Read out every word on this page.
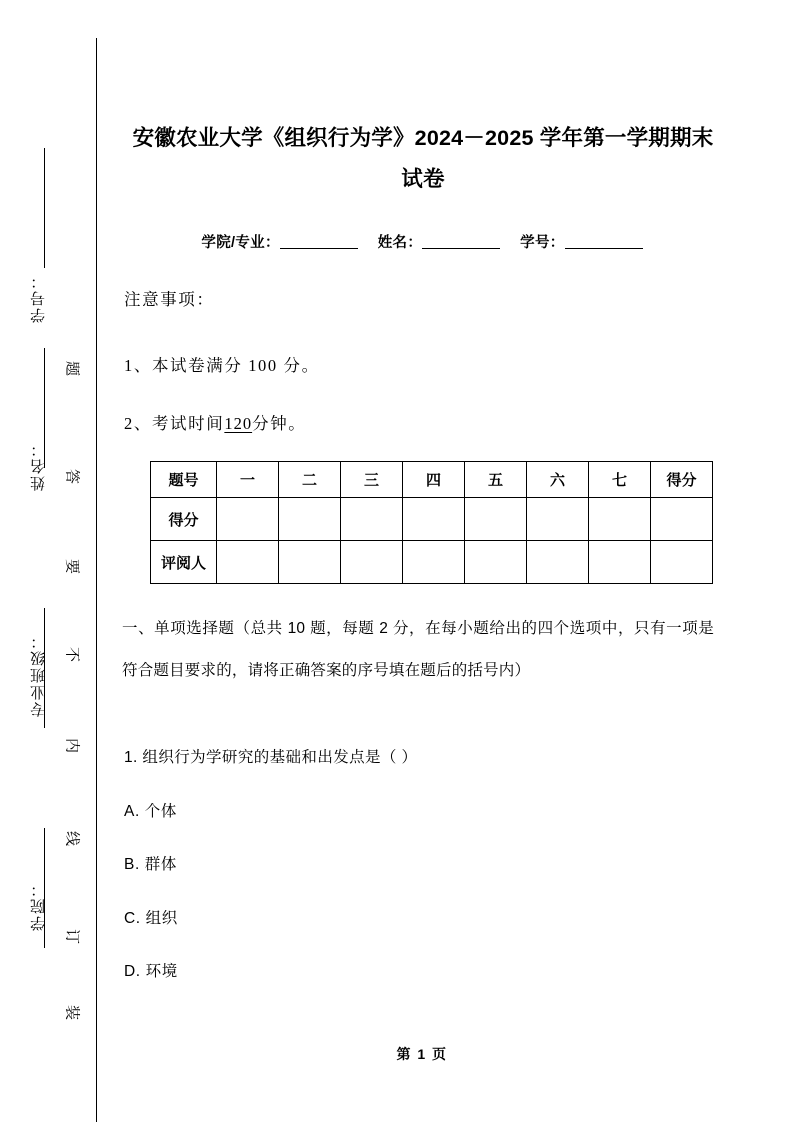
学号：
姓名：
专业班级：
学院：
题
答
要
不
内
线
订
装
安徽农业大学《组织行为学》2024－2025 学年第一学期期末试卷
学院/专业：	姓名：	学号：
注意事项：
1、本试卷满分 100 分。
2、考试时间120分钟。
题号	一	二	三	四	五	六	七	得分
得分								
评阅人								
一、单项选择题（总共 10 题，每题 2 分，在每小题给出的四个选项中，只有一项是符合题目要求的，请将正确答案的序号填在题后的括号内）
1. 组织行为学研究的基础和出发点是（ ）
A. 个体
B. 群体
C. 组织
D. 环境
第 1 页
